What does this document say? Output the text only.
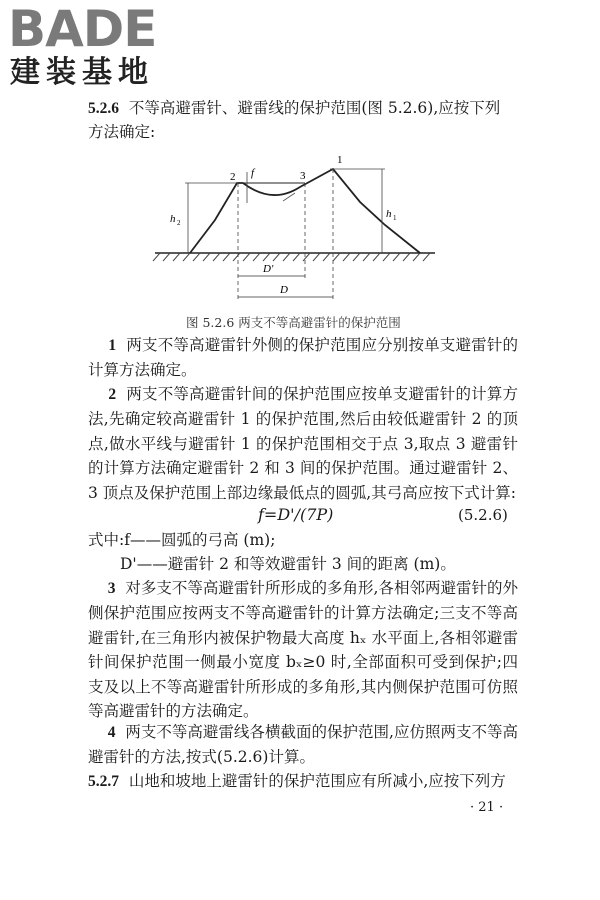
BADE
建装基地
5.2.6 不等高避雷针、避雷线的保护范围(图 5.2.6),应按下列
方法确定:
2	3
1
f
h 2
h 1
D'
D
图 5.2.6 两支不等高避雷针的保护范围
1 两支不等高避雷针外侧的保护范围应分别按单支避雷针的计算方法确定。
2 两支不等高避雷针间的保护范围应按单支避雷针的计算方法,先确定较高避雷针 1 的保护范围,然后由较低避雷针 2 的顶点,做水平线与避雷针 1 的保护范围相交于点 3,取点 3 避雷针的计算方法确定避雷针 2 和 3 间的保护范围。通过避雷针 2、3 顶点及保护范围上部边缘最低点的圆弧,其弓高应按下式计算:
f=D'/(7P)	(5.2.6)
式中:f——圆弧的弓高 (m);
D'——避雷针 2 和等效避雷针 3 间的距离 (m)。
3 对多支不等高避雷针所形成的多角形,各相邻两避雷针的外侧保护范围应按两支不等高避雷针的计算方法确定;三支不等高避雷针,在三角形内被保护物最大高度 hₓ 水平面上,各相邻避雷针间保护范围一侧最小宽度 bₓ≥0 时,全部面积可受到保护;四支及以上不等高避雷针所形成的多角形,其内侧保护范围可仿照等高避雷针的方法确定。
4 两支不等高避雷线各横截面的保护范围,应仿照两支不等高避雷针的方法,按式(5.2.6)计算。
5.2.7 山地和坡地上避雷针的保护范围应有所减小,应按下列方
· 21 ·
